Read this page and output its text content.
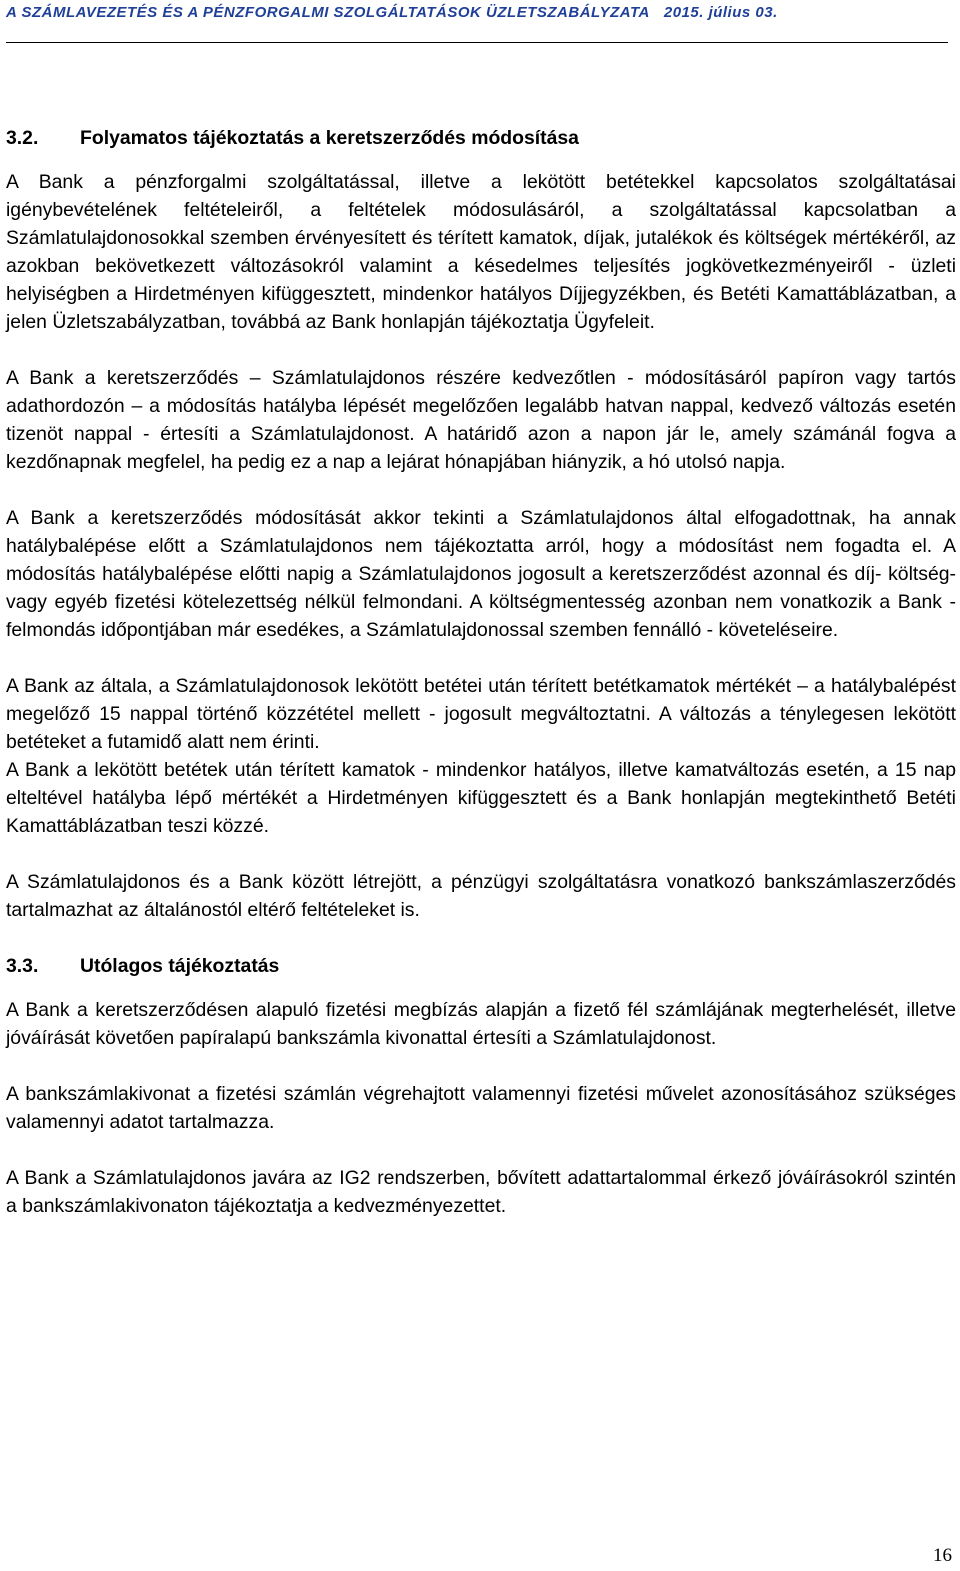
A SZÁMLAVEZETÉS ÉS A PÉNZFORGALMI SZOLGÁLTATÁSOK ÜZLETSZABÁLYZATA 2015. július 03.
3.2. Folyamatos tájékoztatás a keretszerződés módosítása

A Bank a pénzforgalmi szolgáltatással, illetve a lekötött betétekkel kapcsolatos szolgáltatásai igénybevételének feltételeiről, a feltételek módosulásáról, a szolgáltatással kapcsolatban a Számlatulajdonosokkal szemben érvényesített és térített kamatok, díjak, jutalékok és költségek mértékéről, az azokban bekövetkezett változásokról valamint a késedelmes teljesítés jogkövetkezményeiről - üzleti helyiségben a Hirdetményen kifüggesztett, mindenkor hatályos Díjjegyzékben, és Betéti Kamattáblázatban, a jelen Üzletszabályzatban, továbbá az Bank honlapján tájékoztatja Ügyfeleit.

A Bank a keretszerződés – Számlatulajdonos részére kedvezőtlen - módosításáról papíron vagy tartós adathordozón – a módosítás hatályba lépését megelőzően legalább hatvan nappal, kedvező változás esetén tizenöt nappal - értesíti a Számlatulajdonost. A határidő azon a napon jár le, amely számánál fogva a kezdőnapnak megfelel, ha pedig ez a nap a lejárat hónapjában hiányzik, a hó utolsó napja.

A Bank a keretszerződés módosítását akkor tekinti a Számlatulajdonos által elfogadottnak, ha annak hatálybalépése előtt a Számlatulajdonos nem tájékoztatta arról, hogy a módosítást nem fogadta el. A módosítás hatálybalépése előtti napig a Számlatulajdonos jogosult a keretszerződést azonnal és díj- költség- vagy egyéb fizetési kötelezettség nélkül felmondani. A költségmentesség azonban nem vonatkozik a Bank - felmondás időpontjában már esedékes, a Számlatulajdonossal szemben fennálló - követeléseire.

A Bank az általa, a Számlatulajdonosok lekötött betétei után térített betétkamatok mértékét – a hatálybalépést megelőző 15 nappal történő közzététel mellett - jogosult megváltoztatni. A változás a ténylegesen lekötött betéteket a futamidő alatt nem érinti.

A Bank a lekötött betétek után térített kamatok - mindenkor hatályos, illetve kamatváltozás esetén, a 15 nap elteltével hatályba lépő mértékét a Hirdetményen kifüggesztett és a Bank honlapján megtekinthető Betéti Kamattáblázatban teszi közzé.

A Számlatulajdonos és a Bank között létrejött, a pénzügyi szolgáltatásra vonatkozó bankszámlaszerződés tartalmazhat az általánostól eltérő feltételeket is.

3.3. Utólagos tájékoztatás

A Bank a keretszerződésen alapuló fizetési megbízás alapján a fizető fél számlájának megterhelését, illetve jóváírását követően papíralapú bankszámla kivonattal értesíti a Számlatulajdonost.

A bankszámlakivonat a fizetési számlán végrehajtott valamennyi fizetési művelet azonosításához szükséges valamennyi adatot tartalmazza.

A Bank a Számlatulajdonos javára az IG2 rendszerben, bővített adattartalommal érkező jóváírásokról szintén a bankszámlakivonaton tájékoztatja a kedvezményezettet.

16
